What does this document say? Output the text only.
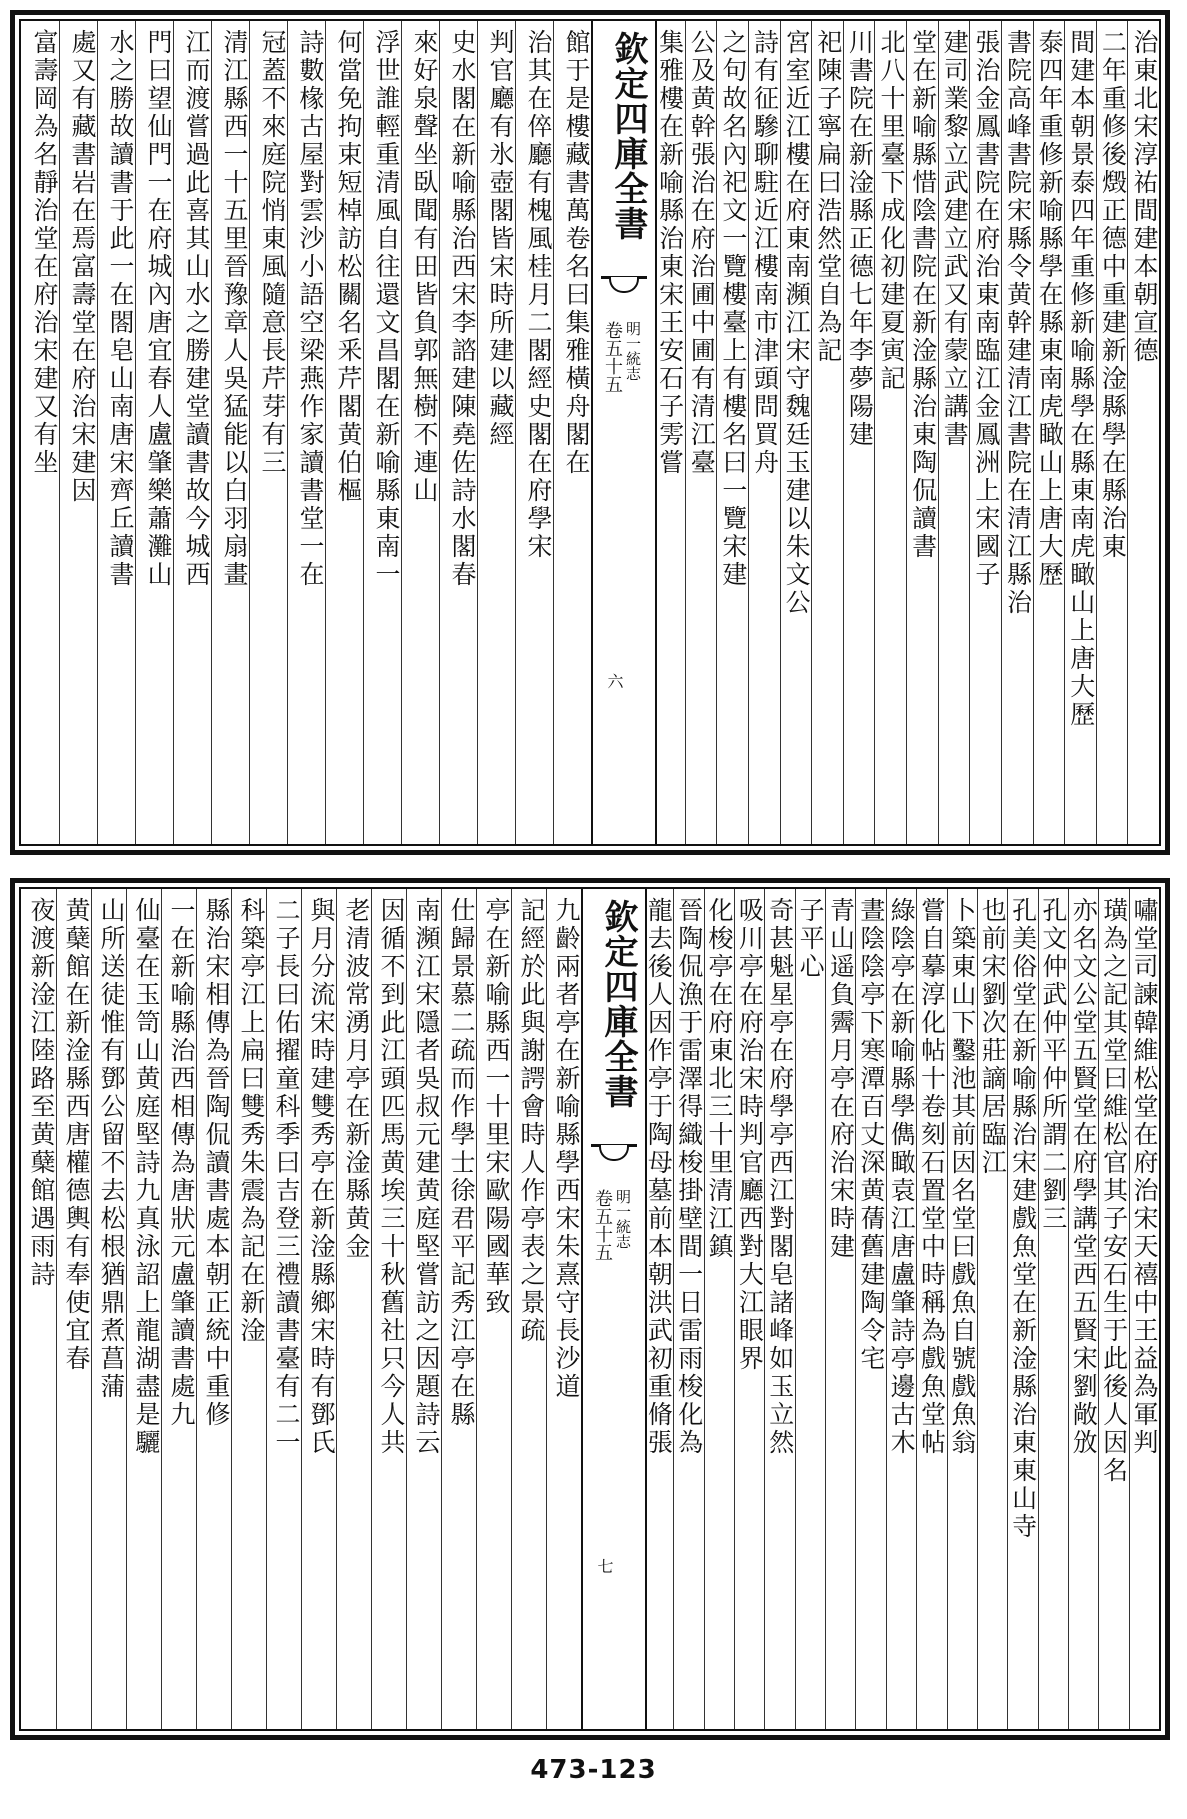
欽定四庫全書
卷五十五 明一統志
六
治東北宋淳祐間建本朝宣德
二年重修後燬正德中重建新淦縣學在縣治東
間建本朝景泰四年重修新喻縣學在縣東南虎瞰山上唐大歷
泰四年重修新喻縣學在縣東南虎瞰山上唐大歷
書院高峰書院宋縣令黄幹建清江書院在清江縣治
張治金鳳書院在府治東南臨江金鳳洲上宋國子
建司業黎立武建立武又有蒙立講書
堂在新喻縣惜陰書院在新淦縣治東陶侃讀書
北八十里臺下成化初建夏寅記
川書院在新淦縣正德七年李夢陽建
祀陳子寧扁曰浩然堂自為記
宮室近江樓在府東南瀕江宋守魏廷玉建以朱文公
詩有征驂聊駐近江樓南市津頭問買舟
之句故名內祀文一覽樓臺上有樓名曰一覽宋建
公及黄幹張治在府治圃中圃有清江臺
集雅樓在新喻縣治東宋王安石子雱嘗
館于是樓藏書萬卷名曰集雅橫舟閣在
治其在倅廳有槐風桂月二閣經史閣在府學宋
判官廳有氷壺閣皆宋時所建以藏經
史水閣在新喻縣治西宋李諮建陳堯佐詩水閣春
來好泉聲坐臥聞有田皆負郭無樹不連山
浮世誰輕重清風自往還文昌閣在新喻縣東南一
何當免拘束短棹訪松關名釆芹閣黄伯樞
詩數椽古屋對雲沙小語空梁燕作家讀書堂一在
冠蓋不來庭院悄東風隨意長芹芽有三
清江縣西一十五里晉豫章人吳猛能以白羽扇畫
江而渡嘗過此喜其山水之勝建堂讀書故今城西
門曰望仙門一在府城內唐宜春人盧肇樂蕭灘山
水之勝故讀書于此一在閤皂山南唐宋齊丘讀書
處又有藏書岩在焉富壽堂在府治宋建因
富壽岡為名靜治堂在府治宋建又有坐
欽定四庫全書
卷五十五 明一統志
七
嘯堂司諫韓維松堂在府治宋天禧中王益為軍判
璜為之記其堂曰維松官其子安石生于此後人因名
亦名文公堂五賢堂在府學講堂西五賢宋劉敞攽
孔文仲武仲平仲所謂二劉三
孔美俗堂在新喻縣治宋建戲魚堂在新淦縣治東東山寺
也前宋劉次莊謫居臨江
卜築東山下鑿池其前因名堂曰戲魚自號戲魚翁
嘗自摹淳化帖十卷刻石置堂中時稱為戲魚堂帖
綠陰亭在新喻縣學儁瞰袁江唐盧肇詩亭邊古木
晝陰陰亭下寒潭百丈深黄蒨舊建陶令宅
青山遥負霽月亭在府治宋時建
子平心
奇甚魁星亭在府學亭西江對閣皂諸峰如玉立然
吸川亭在府治宋時判官廳西對大江眼界
化梭亭在府東北三十里清江鎮
晉陶侃漁于雷澤得織梭掛壁間一日雷雨梭化為
龍去後人因作亭于陶母墓前本朝洪武初重脩張
九齡兩者亭在新喻縣學西宋朱熹守長沙道
記經於此與謝諤會時人作亭表之景疏
亭在新喻縣西一十里宋歐陽國華致
仕歸景慕二疏而作學士徐君平記秀江亭在縣
南瀕江宋隱者吳叔元建黄庭堅嘗訪之因題詩云
因循不到此江頭匹馬黄埃三十秋舊社只今人共
老清波常湧月亭在新淦縣黄金
與月分流宋時建雙秀亭在新淦縣鄉宋時有鄧氏
二子長曰佑擢童科季曰吉登三禮讀書臺有二一
科築亭江上扁曰雙秀朱震為記在新淦
縣治宋相傳為晉陶侃讀書處本朝正統中重修
一在新喻縣治西相傳為唐狀元盧肇讀書處九
仙臺在玉笥山黄庭堅詩九真泳詔上龍湖盡是驪
山所送徒惟有鄧公留不去松根猶鼎煮菖蒲
黄蘖館在新淦縣西唐權德輿有奉使宜春
夜渡新淦江陸路至黄蘖館遇雨詩
473-123
